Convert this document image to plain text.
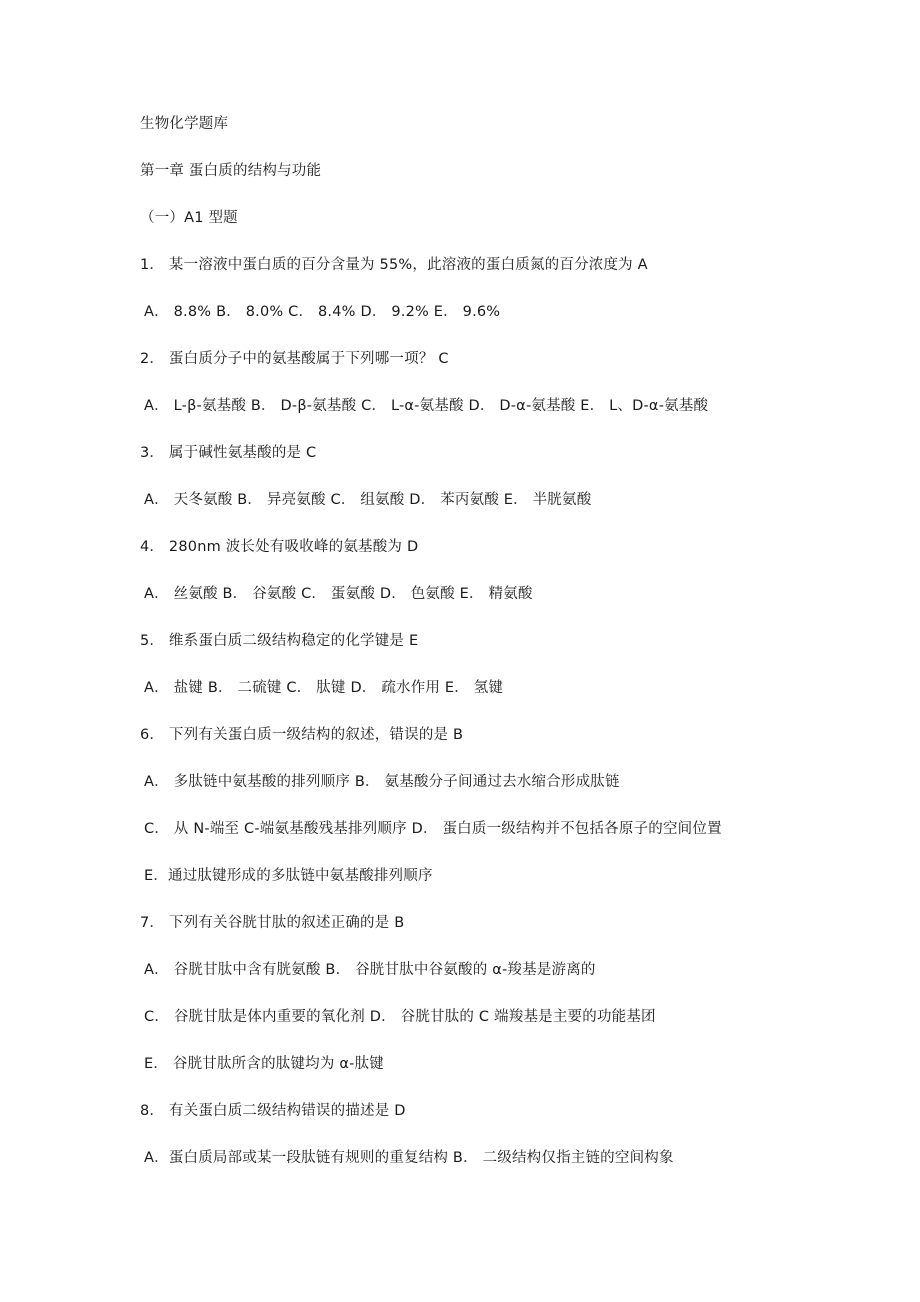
生物化学题库
第一章 蛋白质的结构与功能
（一）A1 型题
1． 某一溶液中蛋白质的百分含量为 55%，此溶液的蛋白质氮的百分浓度为 A
A． 8.8% B． 8.0% C． 8.4% D． 9.2% E． 9.6%
2． 蛋白质分子中的氨基酸属于下列哪一项？ C
A． L-β-氨基酸 B． D-β-氨基酸 C． L-α-氨基酸 D． D-α-氨基酸 E． L、D-α-氨基酸
3． 属于碱性氨基酸的是 C
A． 天冬氨酸 B． 异亮氨酸 C． 组氨酸 D． 苯丙氨酸 E． 半胱氨酸
4． 280nm 波长处有吸收峰的氨基酸为 D
A． 丝氨酸 B． 谷氨酸 C． 蛋氨酸 D． 色氨酸 E． 精氨酸
5． 维系蛋白质二级结构稳定的化学键是 E
A． 盐键 B． 二硫键 C． 肽键 D． 疏水作用 E． 氢键
6． 下列有关蛋白质一级结构的叙述，错误的是 B
A． 多肽链中氨基酸的排列顺序 B． 氨基酸分子间通过去水缩合形成肽链
C． 从 N-端至 C-端氨基酸残基排列顺序 D． 蛋白质一级结构并不包括各原子的空间位置
E．通过肽键形成的多肽链中氨基酸排列顺序
7． 下列有关谷胱甘肽的叙述正确的是 B
A． 谷胱甘肽中含有胱氨酸 B． 谷胱甘肽中谷氨酸的 α-羧基是游离的
C． 谷胱甘肽是体内重要的氧化剂 D． 谷胱甘肽的 C 端羧基是主要的功能基团
E． 谷胱甘肽所含的肽键均为 α-肽键
8． 有关蛋白质二级结构错误的描述是 D
A．蛋白质局部或某一段肽链有规则的重复结构 B． 二级结构仅指主链的空间构象
